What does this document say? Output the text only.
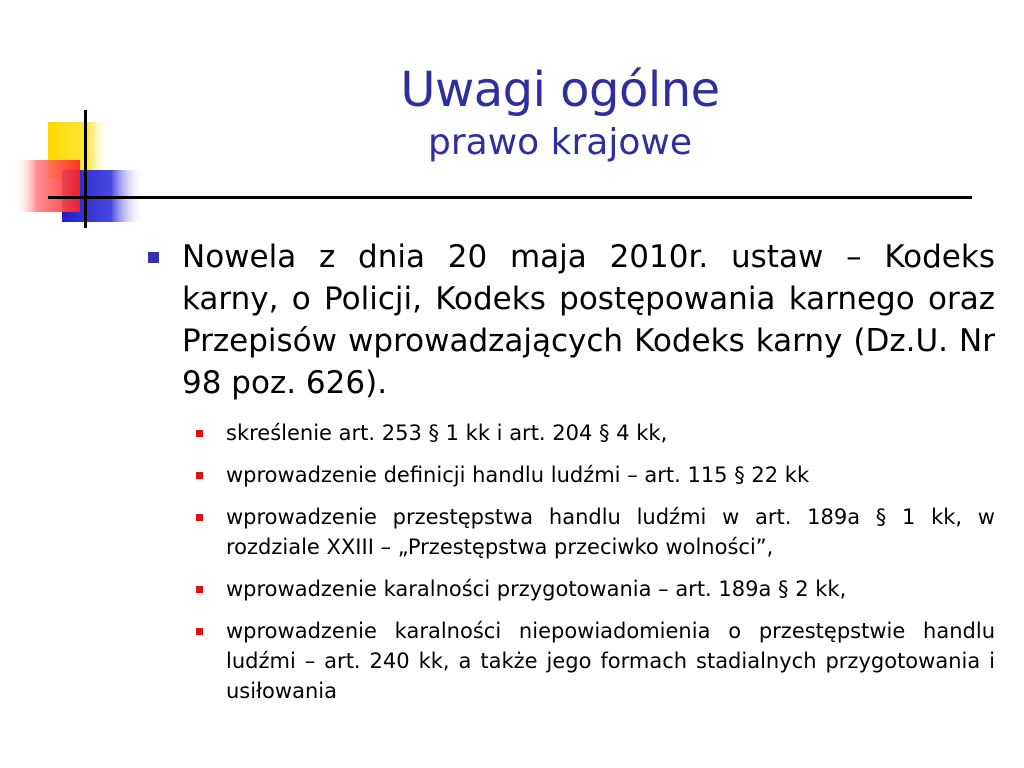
Uwagi ogólne
prawo krajowe
Nowela z dnia 20 maja 2010r. ustaw – Kodeks karny, o Policji, Kodeks postępowania karnego oraz Przepisów wprowadzających Kodeks karny (Dz.U. Nr 98 poz. 626).
skreślenie art. 253 § 1 kk i art. 204 § 4 kk,
wprowadzenie definicji handlu ludźmi – art. 115 § 22 kk
wprowadzenie przestępstwa handlu ludźmi w art. 189a § 1 kk, w rozdziale XXIII – „Przestępstwa przeciwko wolności”,
wprowadzenie karalności przygotowania – art. 189a § 2 kk,
wprowadzenie karalności niepowiadomienia o przestępstwie handlu ludźmi – art. 240 kk, a także jego formach stadialnych przygotowania i usiłowania
